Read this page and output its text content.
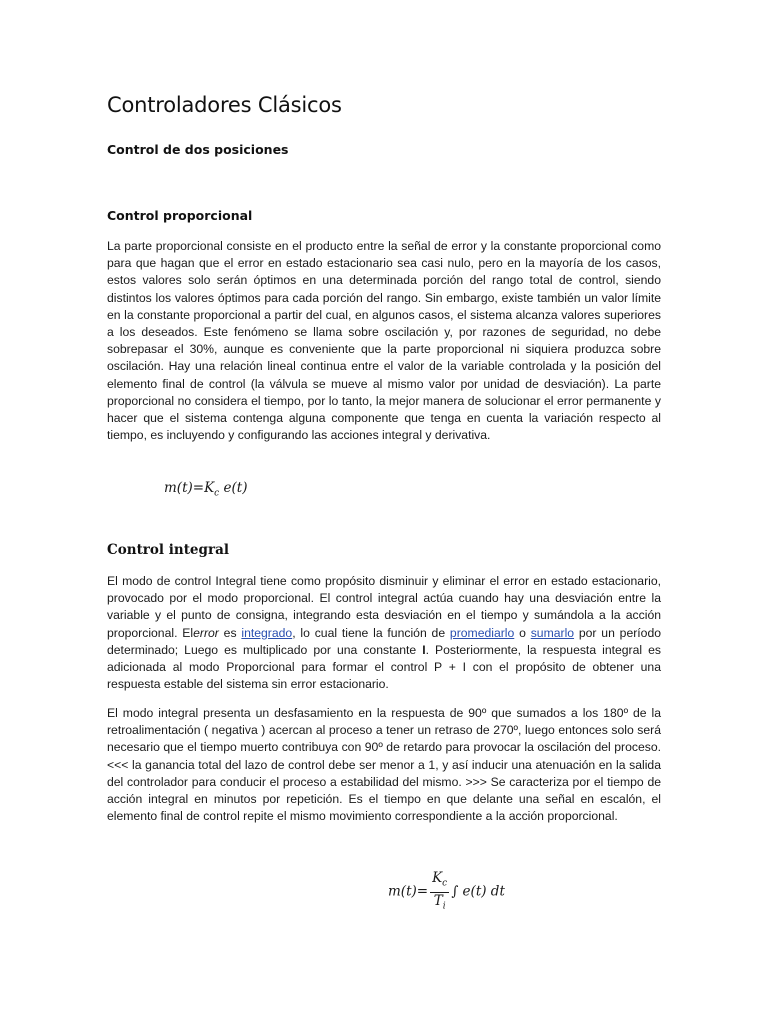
Controladores Clásicos
Control de dos posiciones
Control proporcional

La parte proporcional consiste en el producto entre la señal de error y la constante proporcional como para que hagan que el error en estado estacionario sea casi nulo, pero en la mayoría de los casos, estos valores solo serán óptimos en una determinada porción del rango total de control, siendo distintos los valores óptimos para cada porción del rango. Sin embargo, existe también un valor límite en la constante proporcional a partir del cual, en algunos casos, el sistema alcanza valores superiores a los deseados. Este fenómeno se llama sobre oscilación y, por razones de seguridad, no debe sobrepasar el 30%, aunque es conveniente que la parte proporcional ni siquiera produzca sobre oscilación. Hay una relación lineal continua entre el valor de la variable controlada y la posición del elemento final de control (la válvula se mueve al mismo valor por unidad de desviación). La parte proporcional no considera el tiempo, por lo tanto, la mejor manera de solucionar el error permanente y hacer que el sistema contenga alguna componente que tenga en cuenta la variación respecto al tiempo, es incluyendo y configurando las acciones integral y derivativa.

$m(t)=K_c$ e(t)
Control integral

El modo de control Integral tiene como propósito disminuir y eliminar el error en estado estacionario, provocado por el modo proporcional. El control integral actúa cuando hay una desviación entre la variable y el punto de consigna, integrando esta desviación en el tiempo y sumándola a la acción proporcional. Elerror es integrado, lo cual tiene la función de promediarlo o sumarlo por un período determinado; Luego es multiplicado por una constante I. Posteriormente, la respuesta integral es adicionada al modo Proporcional para formar el control P + I con el propósito de obtener una respuesta estable del sistema sin error estacionario.

El modo integral presenta un desfasamiento en la respuesta de 90º que sumados a los 180º de la retroalimentación ( negativa ) acercan al proceso a tener un retraso de 270º, luego entonces solo será necesario que el tiempo muerto contribuya con 90º de retardo para provocar la oscilación del proceso. <<< la ganancia total del lazo de control debe ser menor a 1, y así inducir una atenuación en la salida del controlador para conducir el proceso a estabilidad del mismo. >>> Se caracteriza por el tiempo de acción integral en minutos por repetición. Es el tiempo en que delante una señal en escalón, el elemento final de control repite el mismo movimiento correspondiente a la acción proporcional.

$m(t)= \frac{K_c}{T_i}$ ∫ e(t) dt
